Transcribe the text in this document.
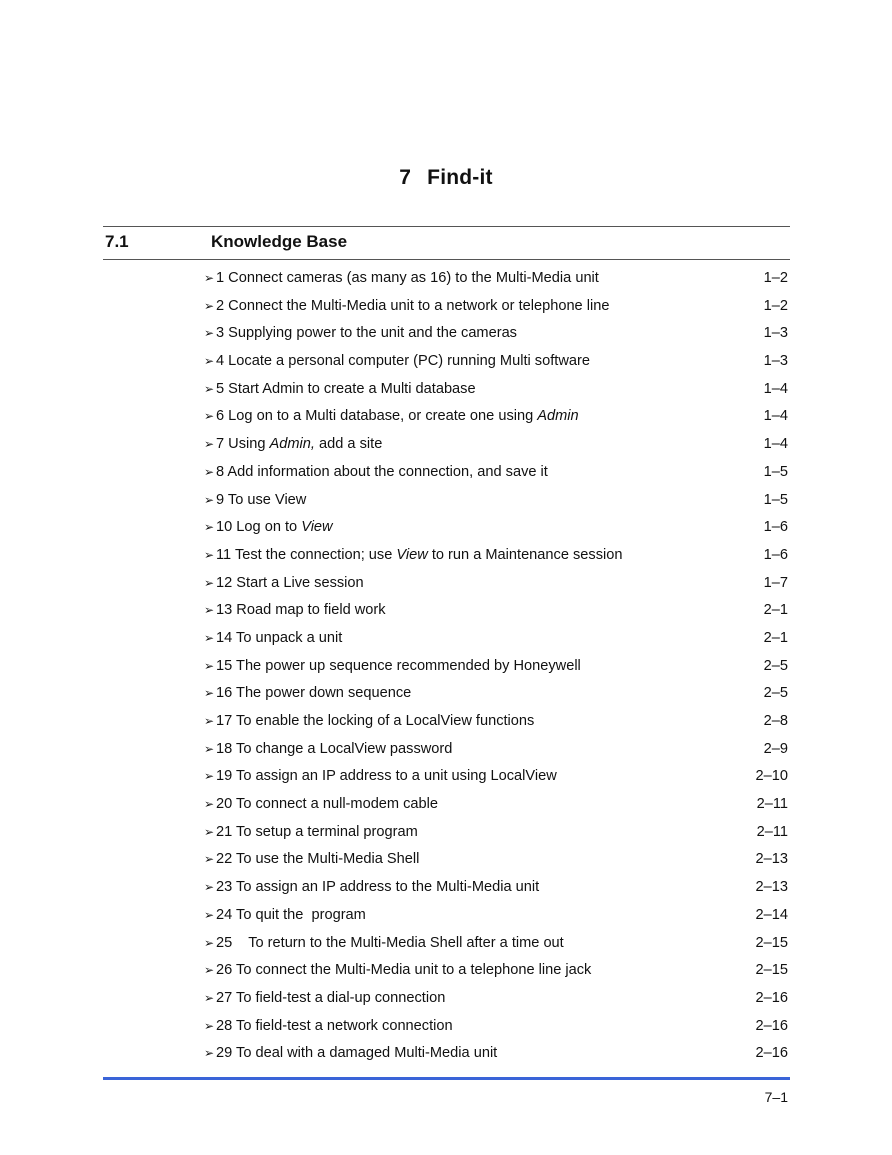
7 Find-it
7.1	Knowledge Base
➢ 1 Connect cameras (as many as 16) to the Multi-Media unit	1–2
➢ 2 Connect the Multi-Media unit to a network or telephone line	1–2
➢ 3 Supplying power to the unit and the cameras	1–3
➢ 4 Locate a personal computer (PC) running Multi software	1–3
➢ 5 Start Admin to create a Multi database	1–4
➢ 6 Log on to a Multi database, or create one using Admin	1–4
➢ 7 Using Admin, add a site	1–4
➢ 8 Add information about the connection, and save it	1–5
➢ 9 To use View	1–5
➢ 10 Log on to View	1–6
➢ 11 Test the connection; use View to run a Maintenance session	1–6
➢ 12 Start a Live session	1–7
➢ 13 Road map to field work	2–1
➢ 14 To unpack a unit	2–1
➢ 15 The power up sequence recommended by Honeywell	2–5
➢ 16 The power down sequence	2–5
➢ 17 To enable the locking of a LocalView functions	2–8
➢ 18 To change a LocalView password	2–9
➢ 19 To assign an IP address to a unit using LocalView	2–10
➢ 20 To connect a null-modem cable	2–11
➢ 21 To setup a terminal program	2–11
➢ 22 To use the Multi-Media Shell	2–13
➢ 23 To assign an IP address to the Multi-Media unit	2–13
➢ 24 To quit the  program	2–14
➢ 25    To return to the Multi-Media Shell after a time out	2–15
➢ 26 To connect the Multi-Media unit to a telephone line jack	2–15
➢ 27 To field-test a dial-up connection	2–16
➢ 28 To field-test a network connection	2–16
➢ 29 To deal with a damaged Multi-Media unit	2–16
7–1
